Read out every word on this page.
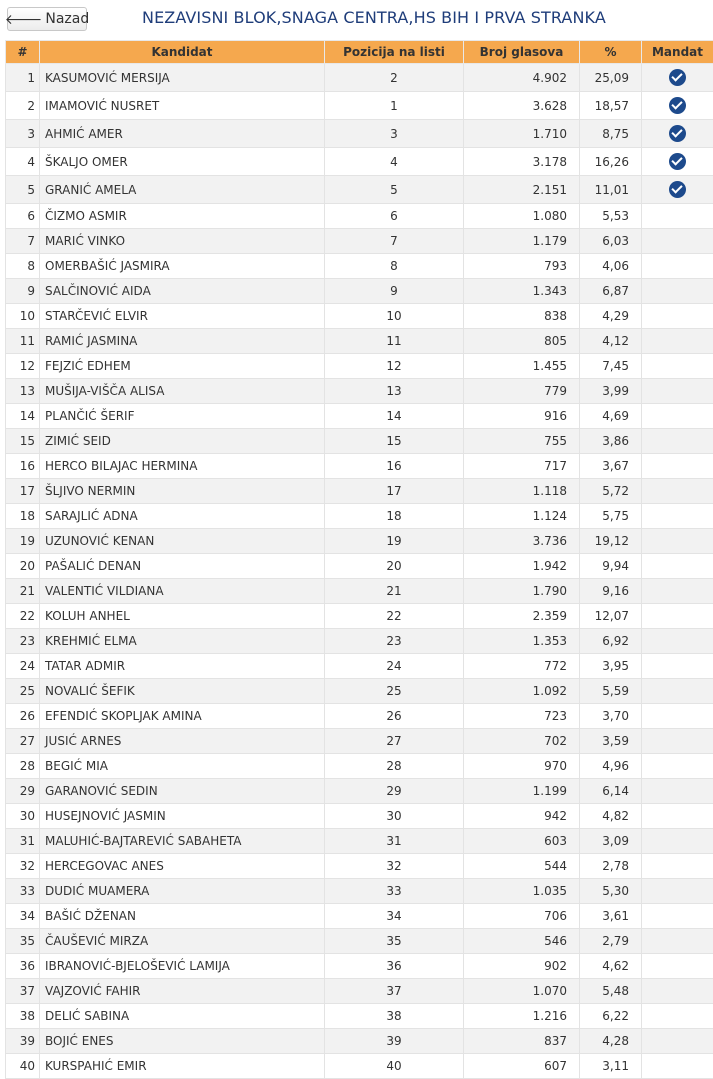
🡐 Nazad	NEZAVISNI BLOK,SNAGA CENTRA,HS BIH I PRVA STRANKA
#	Kandidat	Pozicija na listi	Broj glasova	%	Mandat
1	KASUMOVIĆ MERSIJA	2	4.902	25,09	
2	IMAMOVIĆ NUSRET	1	3.628	18,57	
3	AHMIĆ AMER	3	1.710	8,75	
4	ŠKALJO OMER	4	3.178	16,26	
5	GRANIĆ AMELA	5	2.151	11,01	
6	ČIZMO ASMIR	6	1.080	5,53	
7	MARIĆ VINKO	7	1.179	6,03	
8	OMERBAŠIĆ JASMIRA	8	793	4,06	
9	SALČINOVIĆ AIDA	9	1.343	6,87	
10	STARČEVIĆ ELVIR	10	838	4,29	
11	RAMIĆ JASMINA	11	805	4,12	
12	FEJZIĆ EDHEM	12	1.455	7,45	
13	MUŠIJA-VIŠČA ALISA	13	779	3,99	
14	PLANČIĆ ŠERIF	14	916	4,69	
15	ZIMIĆ SEID	15	755	3,86	
16	HERCO BILAJAC HERMINA	16	717	3,67	
17	ŠLJIVO NERMIN	17	1.118	5,72	
18	SARAJLIĆ ADNA	18	1.124	5,75	
19	UZUNOVIĆ KENAN	19	3.736	19,12	
20	PAŠALIĆ DENAN	20	1.942	9,94	
21	VALENTIĆ VILDIANA	21	1.790	9,16	
22	KOLUH ANHEL	22	2.359	12,07	
23	KREHMIĆ ELMA	23	1.353	6,92	
24	TATAR ADMIR	24	772	3,95	
25	NOVALIĆ ŠEFIK	25	1.092	5,59	
26	EFENDIĆ SKOPLJAK AMINA	26	723	3,70	
27	JUSIĆ ARNES	27	702	3,59	
28	BEGIĆ MIA	28	970	4,96	
29	GARANOVIĆ SEDIN	29	1.199	6,14	
30	HUSEJNOVIĆ JASMIN	30	942	4,82	
31	MALUHIĆ-BAJTAREVIĆ SABAHETA	31	603	3,09	
32	HERCEGOVAC ANES	32	544	2,78	
33	DUDIĆ MUAMERA	33	1.035	5,30	
34	BAŠIĆ DŽENAN	34	706	3,61	
35	ČAUŠEVIĆ MIRZA	35	546	2,79	
36	IBRANOVIĆ-BJELOŠEVIĆ LAMIJA	36	902	4,62	
37	VAJZOVIĆ FAHIR	37	1.070	5,48	
38	DELIĆ SABINA	38	1.216	6,22	
39	BOJIĆ ENES	39	837	4,28	
40	KURSPAHIĆ EMIR	40	607	3,11	
